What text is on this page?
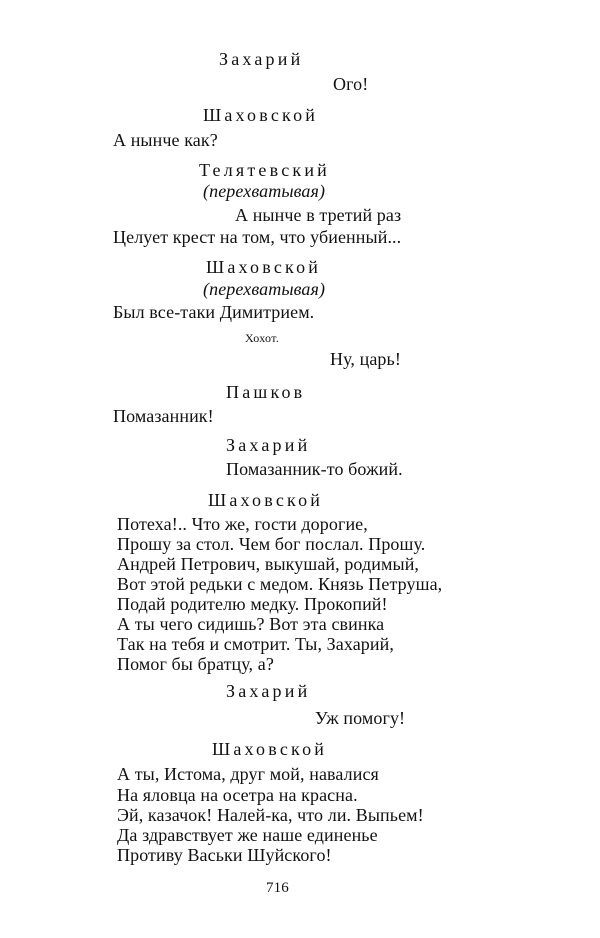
Захарий
Ого!
Шаховской
А нынче как?
Телятевский
(перехватывая)
А нынче в третий раз
Целует крест на том, что убиенный...
Шаховской
(перехватывая)
Был все-таки Димитрием.
Хохот.
Ну, царь!
Пашков
Помазанник!
Захарий
Помазанник-то божий.
Шаховской
Потеха!.. Что же, гости дорогие,
Прошу за стол. Чем бог послал. Прошу.
Андрей Петрович, выкушай, родимый,
Вот этой редьки с медом. Князь Петруша,
Подай родителю медку. Прокопий!
А ты чего сидишь? Вот эта свинка
Так на тебя и смотрит. Ты, Захарий,
Помог бы братцу, а?
Захарий
Уж помогу!
Шаховской
А ты, Истома, друг мой, навалися
На яловца на осетра на красна.
Эй, казачок! Налей-ка, что ли. Выпьем!
Да здравствует же наше единенье
Противу Васьки Шуйского!
716
